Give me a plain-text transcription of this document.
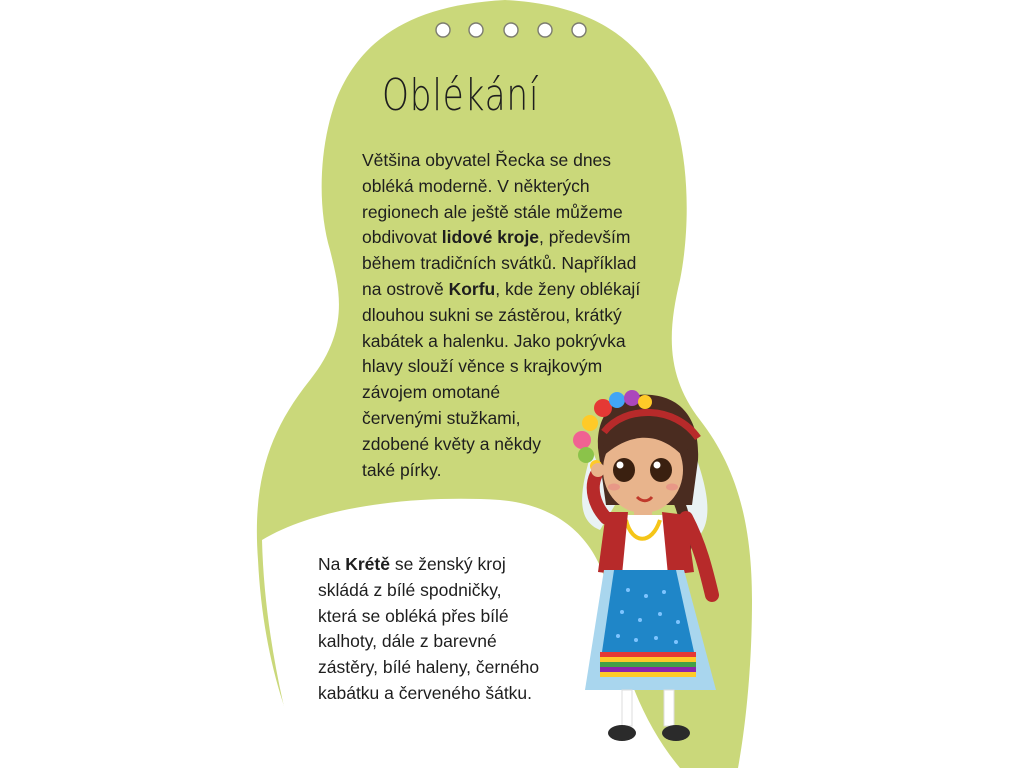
Oblékání
Většina obyvatel Řecka se dnes
obléká moderně. V některých
regionech ale ještě stále můžeme
obdivovat lidové kroje, především
během tradičních svátků. Například
na ostrově Korfu, kde ženy oblékají
dlouhou sukni se zástěrou, krátký
kabátek a halenku. Jako pokrývka
hlavy slouží věnce s krajkovým
závojem omotané
červenými stužkami,
zdobené květy a někdy
také pírky.
Na Krétě se ženský kroj
skládá z bílé spodničky,
která se obléká přes bílé
kalhoty, dále z barevné
zástěry, bílé haleny, černého
kabátku a červeného šátku.
